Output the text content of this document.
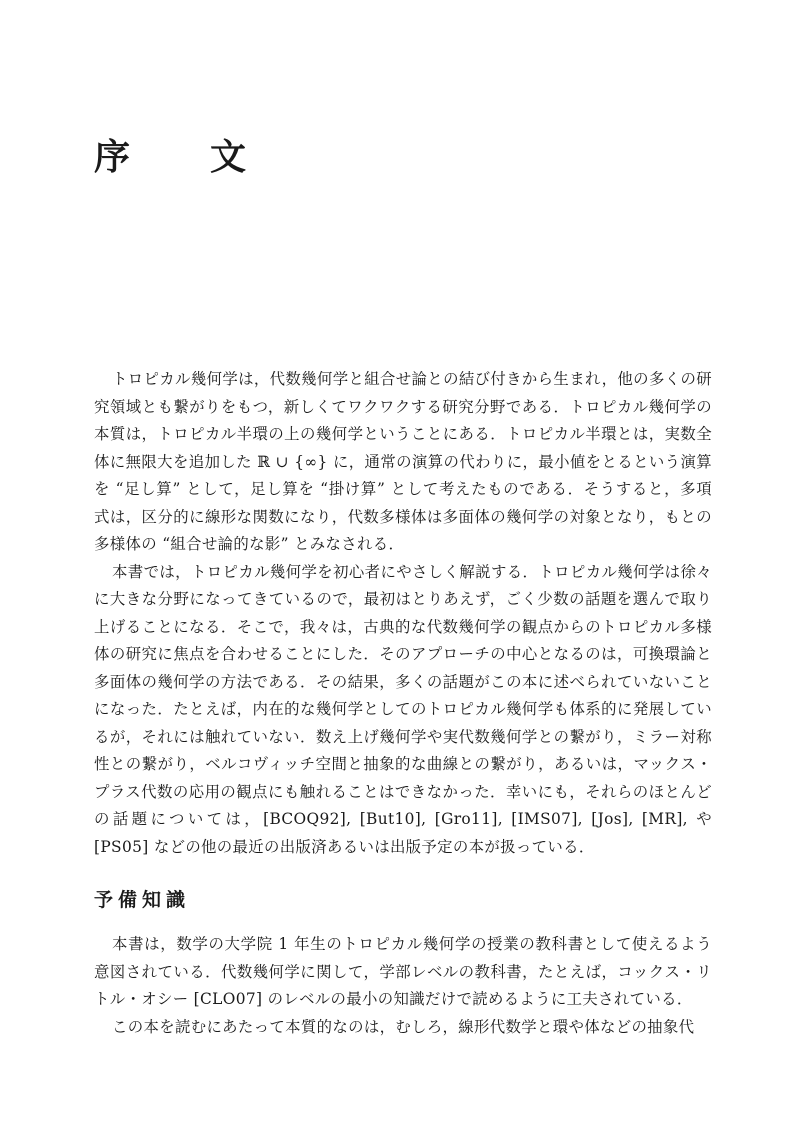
序　文

トロピカル幾何学は，代数幾何学と組合せ論との結び付きから生まれ，他の多くの研究領域とも繋がりをもつ，新しくてワクワクする研究分野である．トロピカル幾何学の本質は，トロピカル半環の上の幾何学ということにある．トロピカル半環とは，実数全体に無限大を追加した ℝ ∪ {∞} に，通常の演算の代わりに，最小値をとるという演算を “足し算” として，足し算を “掛け算” として考えたものである．そうすると，多項式は，区分的に線形な関数になり，代数多様体は多面体の幾何学の対象となり，もとの多様体の “組合せ論的な影” とみなされる．

本書では，トロピカル幾何学を初心者にやさしく解説する．トロピカル幾何学は徐々に大きな分野になってきているので，最初はとりあえず，ごく少数の話題を選んで取り上げることになる．そこで，我々は，古典的な代数幾何学の観点からのトロピカル多様体の研究に焦点を合わせることにした．そのアプローチの中心となるのは，可換環論と多面体の幾何学の方法である．その結果，多くの話題がこの本に述べられていないことになった．たとえば，内在的な幾何学としてのトロピカル幾何学も体系的に発展しているが，それには触れていない．数え上げ幾何学や実代数幾何学との繋がり，ミラー対称性との繋がり，ベルコヴィッチ空間と抽象的な曲線との繋がり，あるいは，マックス・プラス代数の応用の観点にも触れることはできなかった．幸いにも，それらのほとんどの話題については，[BCOQ92], [But10], [Gro11], [IMS07], [Jos], [MR], や [PS05] などの他の最近の出版済あるいは出版予定の本が扱っている．

予備知識

本書は，数学の大学院 1 年生のトロピカル幾何学の授業の教科書として使えるよう意図されている．代数幾何学に関して，学部レベルの教科書，たとえば，コックス・リトル・オシー [CLO07] のレベルの最小の知識だけで読めるように工夫されている．

この本を読むにあたって本質的なのは，むしろ，線形代数学と環や体などの抽象代
